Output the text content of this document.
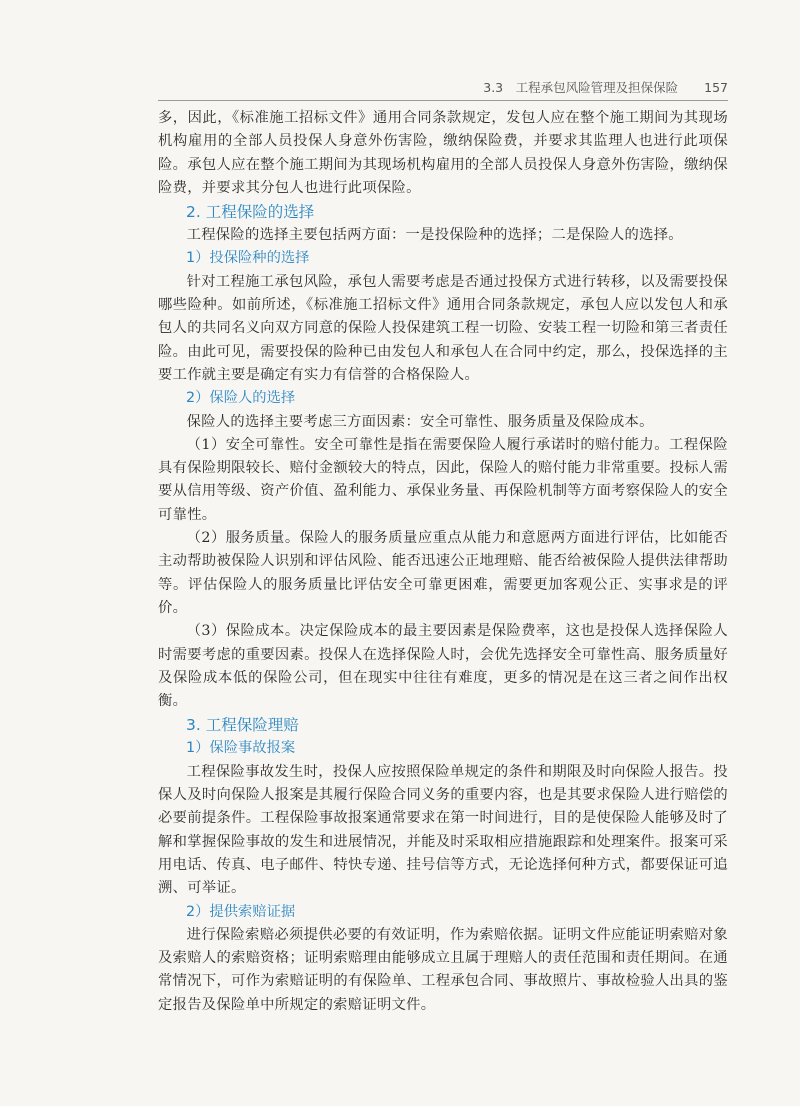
3.3　工程承包风险管理及担保保险 157

多，因此，《标准施工招标文件》通用合同条款规定，发包人应在整个施工期间为其现场机构雇用的全部人员投保人身意外伤害险，缴纳保险费，并要求其监理人也进行此项保险。承包人应在整个施工期间为其现场机构雇用的全部人员投保人身意外伤害险，缴纳保险费，并要求其分包人也进行此项保险。

2. 工程保险的选择

工程保险的选择主要包括两方面：一是投保险种的选择；二是保险人的选择。

1）投保险种的选择

针对工程施工承包风险，承包人需要考虑是否通过投保方式进行转移，以及需要投保哪些险种。如前所述，《标准施工招标文件》通用合同条款规定，承包人应以发包人和承包人的共同名义向双方同意的保险人投保建筑工程一切险、安装工程一切险和第三者责任险。由此可见，需要投保的险种已由发包人和承包人在合同中约定，那么，投保选择的主要工作就主要是确定有实力有信誉的合格保险人。

2）保险人的选择

保险人的选择主要考虑三方面因素：安全可靠性、服务质量及保险成本。

（1）安全可靠性。安全可靠性是指在需要保险人履行承诺时的赔付能力。工程保险具有保险期限较长、赔付金额较大的特点，因此，保险人的赔付能力非常重要。投标人需要从信用等级、资产价值、盈利能力、承保业务量、再保险机制等方面考察保险人的安全可靠性。

（2）服务质量。保险人的服务质量应重点从能力和意愿两方面进行评估，比如能否主动帮助被保险人识别和评估风险、能否迅速公正地理赔、能否给被保险人提供法律帮助等。评估保险人的服务质量比评估安全可靠更困难，需要更加客观公正、实事求是的评价。

（3）保险成本。决定保险成本的最主要因素是保险费率，这也是投保人选择保险人时需要考虑的重要因素。投保人在选择保险人时，会优先选择安全可靠性高、服务质量好及保险成本低的保险公司，但在现实中往往有难度，更多的情况是在这三者之间作出权衡。

3. 工程保险理赔
1）保险事故报案

工程保险事故发生时，投保人应按照保险单规定的条件和期限及时向保险人报告。投保人及时向保险人报案是其履行保险合同义务的重要内容，也是其要求保险人进行赔偿的必要前提条件。工程保险事故报案通常要求在第一时间进行，目的是使保险人能够及时了解和掌握保险事故的发生和进展情况，并能及时采取相应措施跟踪和处理案件。报案可采用电话、传真、电子邮件、特快专递、挂号信等方式，无论选择何种方式，都要保证可追溯、可举证。

2）提供索赔证据

进行保险索赔必须提供必要的有效证明，作为索赔依据。证明文件应能证明索赔对象及索赔人的索赔资格；证明索赔理由能够成立且属于理赔人的责任范围和责任期间。在通常情况下，可作为索赔证明的有保险单、工程承包合同、事故照片、事故检验人出具的鉴定报告及保险单中所规定的索赔证明文件。
